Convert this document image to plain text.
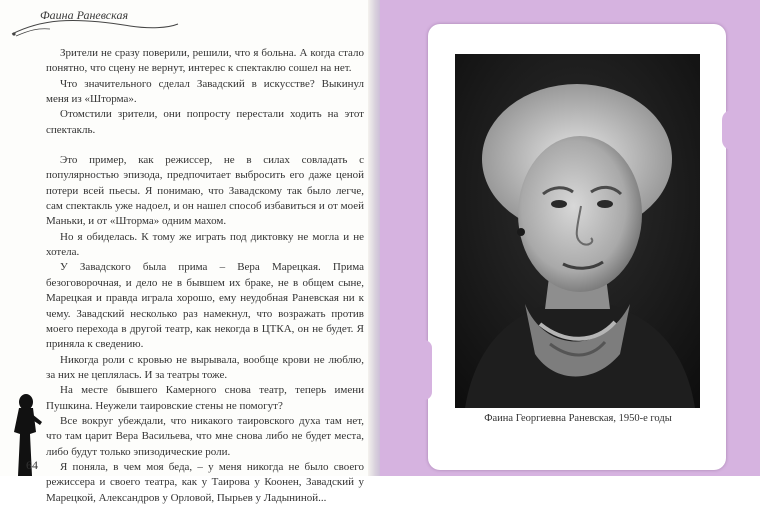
Фаина Раневская

Зрители не сразу поверили, решили, что я больна. А когда стало понятно, что сцену не вернут, интерес к спектаклю сошел на нет.

Что значительного сделал Завадский в искусстве? Выкинул меня из «Шторма».

Отомстили зрители, они попросту перестали ходить на этот спектакль.

Это пример, как режиссер, не в силах совладать с популярностью эпизода, предпочитает выбросить его даже ценой потери всей пьесы. Я понимаю, что Завадскому так было легче, сам спектакль уже надоел, и он нашел способ избавиться и от моей Маньки, и от «Шторма» одним махом.

Но я обиделась. К тому же играть под диктовку не могла и не хотела.

У Завадского была прима – Вера Марецкая. Прима безоговорочная, и дело не в бывшем их браке, не в общем сыне, Марецкая и правда играла хорошо, ему неудобная Раневская ни к чему. Завадский несколько раз намекнул, что возражать против моего перехода в другой театр, как некогда в ЦТКА, он не будет. Я приняла к сведению.

Никогда роли с кровью не вырывала, вообще крови не люблю, за них не цеплялась. И за театры тоже.

На месте бывшего Камерного снова театр, теперь имени Пушкина. Неужели таировские стены не помогут?

Все вокруг убеждали, что никакого таировского духа там нет, что там царит Вера Васильева, что мне снова либо не будет места, либо будут только эпизодические роли.

Я поняла, в чем моя беда, – у меня никогда не было своего режиссера и своего театра, как у Таирова у Коонен, Завадский у Марецкой, Александров у Орловой, Пырьев у Ладыниной...

64
Фаина Георгиевна Раневская, 1950-е годы
